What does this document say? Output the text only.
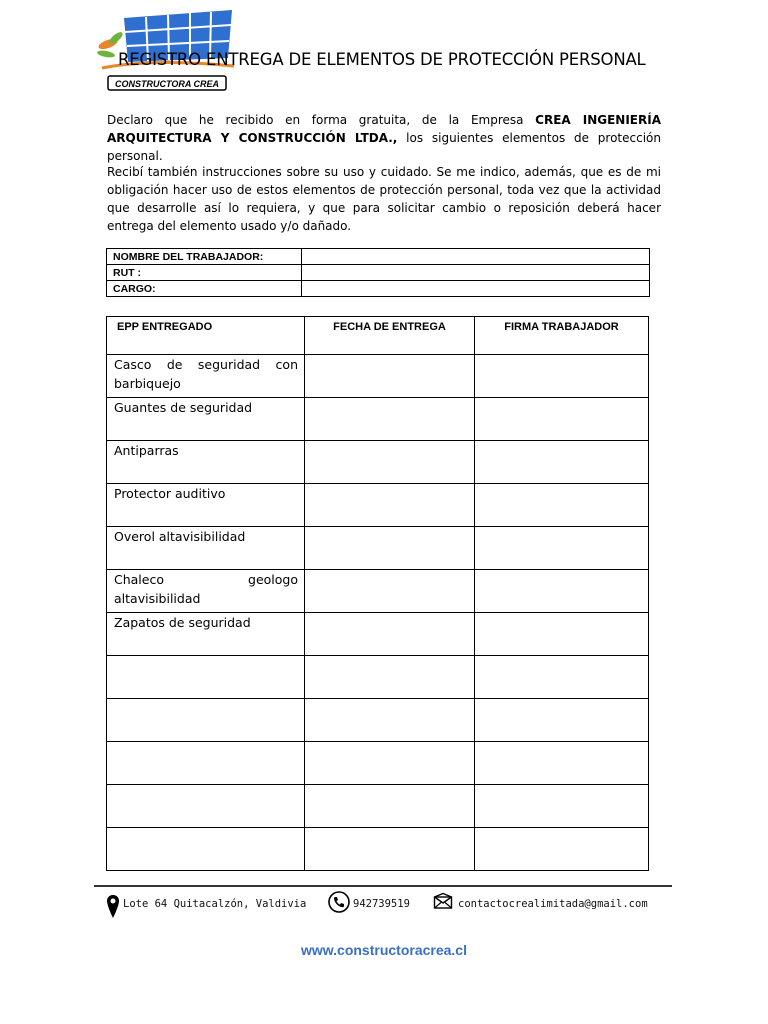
CONSTRUCTORA CREA
REGISTRO ENTREGA DE ELEMENTOS DE PROTECCIÓN PERSONAL
Declaro que he recibido en forma gratuita, de la Empresa CREA INGENIERÍA ARQUITECTURA Y CONSTRUCCIÓN LTDA., los siguientes elementos de protección personal.
Recibí también instrucciones sobre su uso y cuidado. Se me indico, además, que es de mi obligación hacer uso de estos elementos de protección personal, toda vez que la actividad que desarrolle así lo requiera, y que para solicitar cambio o reposición deberá hacer entrega del elemento usado y/o dañado.
NOMBRE DEL TRABAJADOR:	
RUT :	
CARGO:	
EPP ENTREGADO	FECHA DE ENTREGA	FIRMA TRABAJADOR
Casco de seguridad con barbiquejo		
Guantes de seguridad		
Antiparras		
Protector auditivo		
Overol altavisibilidad		
Chaleco geologo altavisibilidad		
Zapatos de seguridad		

Lote 64 Quitacalzón, Valdivia	942739519	contactocrealimitada@gmail.com
www.constructoracrea.cl
